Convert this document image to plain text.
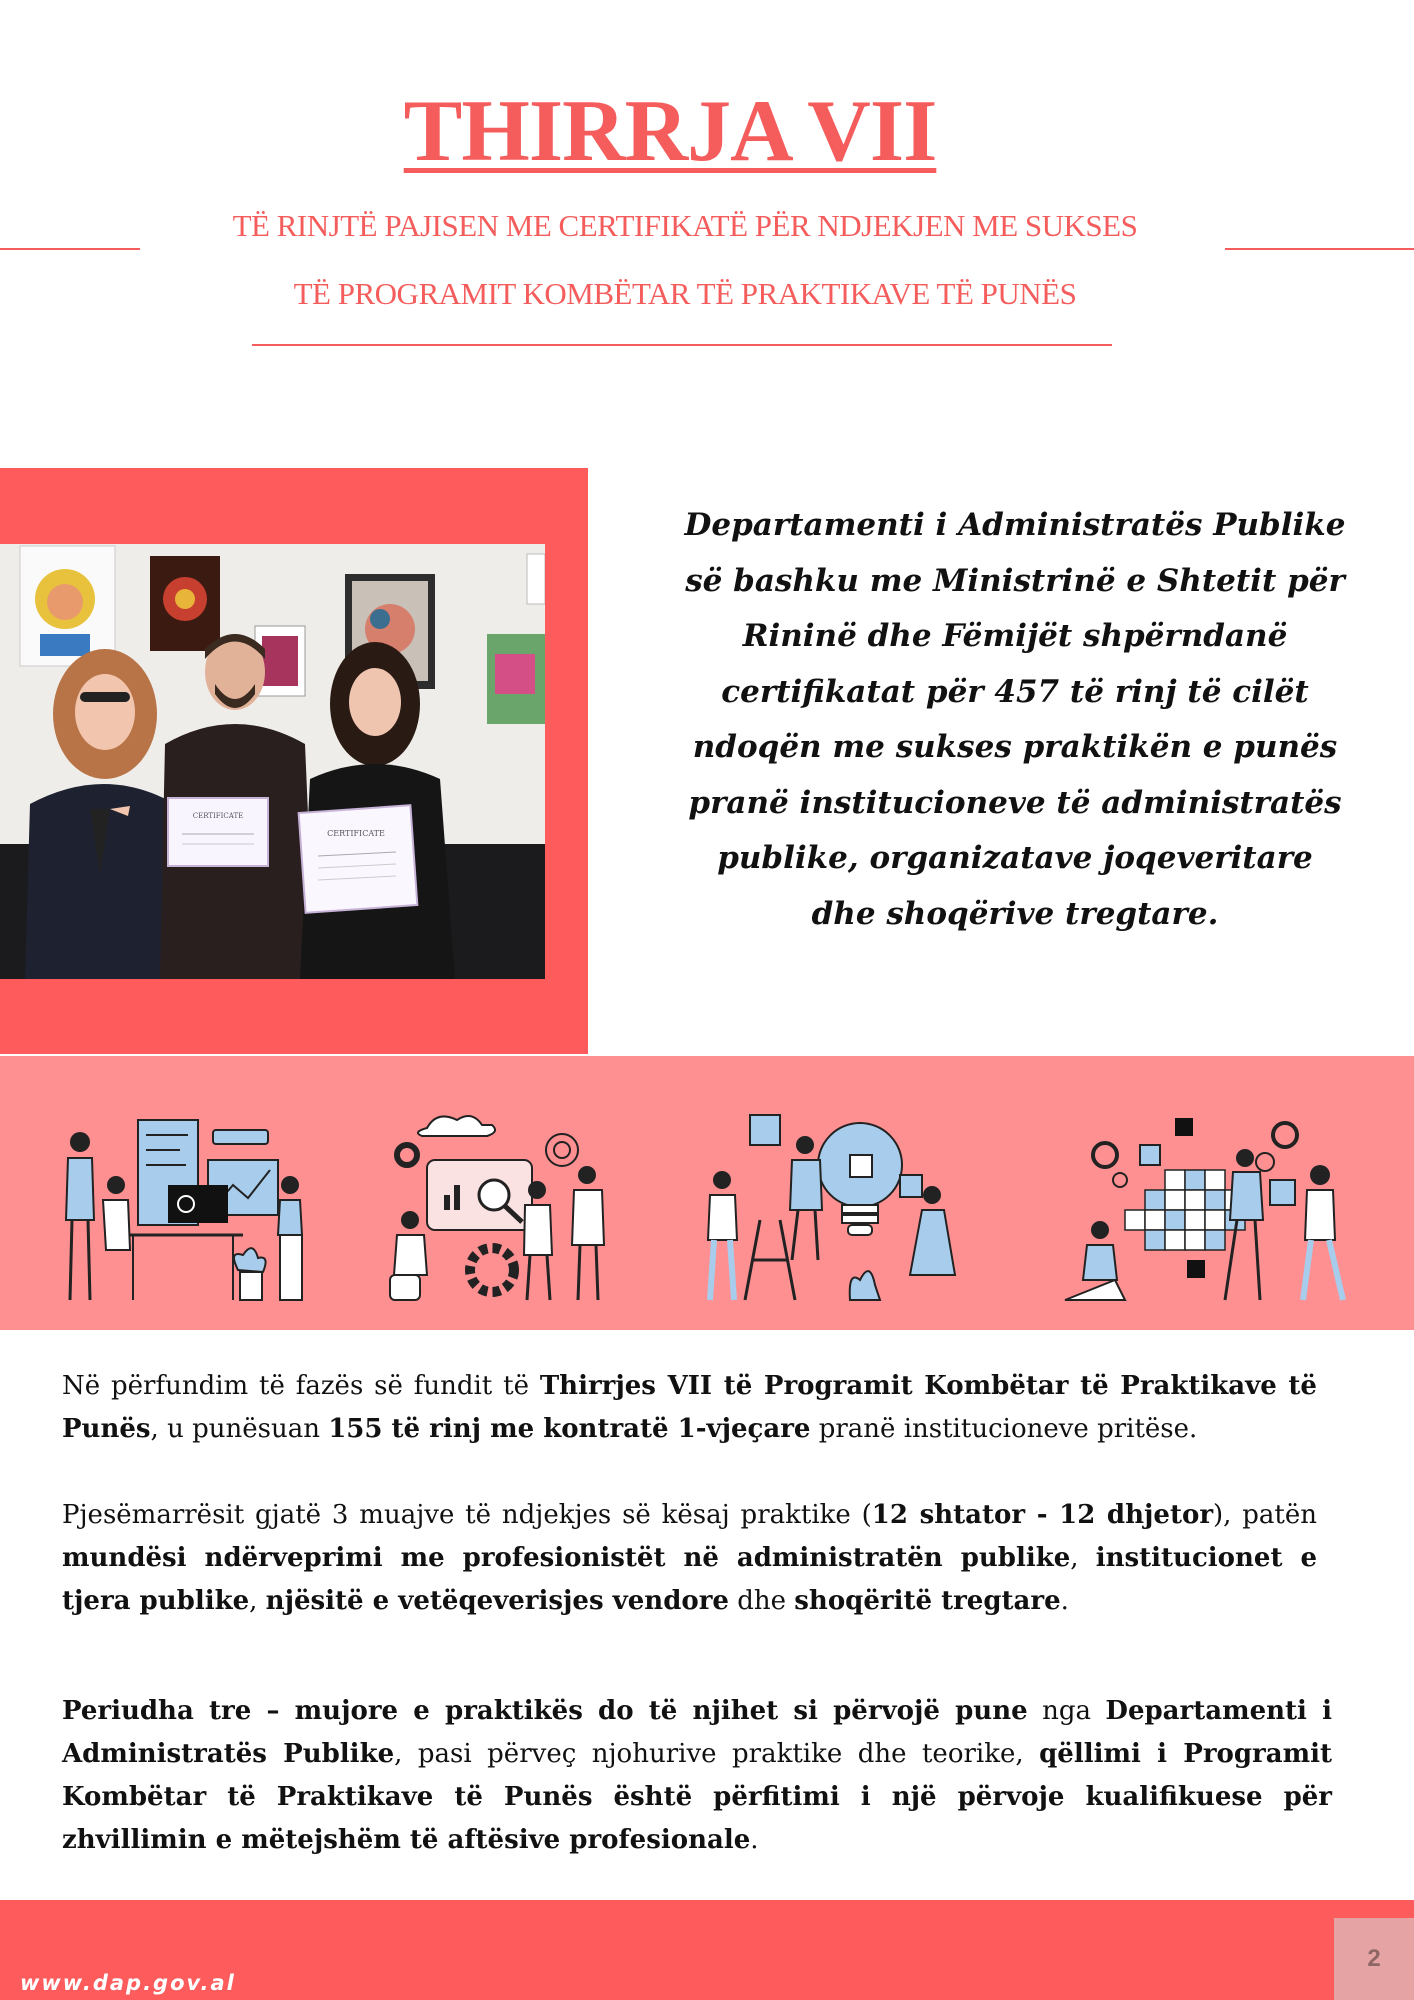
THIRRJA VII
TË RINJTË PAJISEN ME CERTIFIKATË PËR NDJEKJEN ME SUKSES
TË PROGRAMIT KOMBËTAR TË PRAKTIKAVE TË PUNËS
CERTIFICATE
CERTIFICATE
Departamenti i Administratës Publike
së bashku me Ministrinë e Shtetit për
Rininë dhe Fëmijët shpërndanë
certifikatat për 457 të rinj të cilët
ndoqën me sukses praktikën e punës
pranë institucioneve të administratës
publike, organizatave joqeveritare
dhe shoqërive tregtare.
Në përfundim të fazës së fundit të Thirrjes VII të Programit Kombëtar të Praktikave të Punës, u punësuan 155 të rinj me kontratë 1-vjeçare pranë institucioneve pritëse.
Pjesëmarrësit gjatë 3 muajve të ndjekjes së kësaj praktike (12 shtator - 12 dhjetor), patën mundësi ndërveprimi me profesionistët në administratën publike, institucionet e tjera publike, njësitë e vetëqeverisjes vendore dhe shoqëritë tregtare.
Periudha tre – mujore e praktikës do të njihet si përvojë pune nga Departamenti i Administratës Publike, pasi përveç njohurive praktike dhe teorike, qëllimi i Programit Kombëtar të Praktikave të Punës është përfitimi i një përvoje kualifikuese për zhvillimin e mëtejshëm të aftësive profesionale.
2
www.dap.gov.al
